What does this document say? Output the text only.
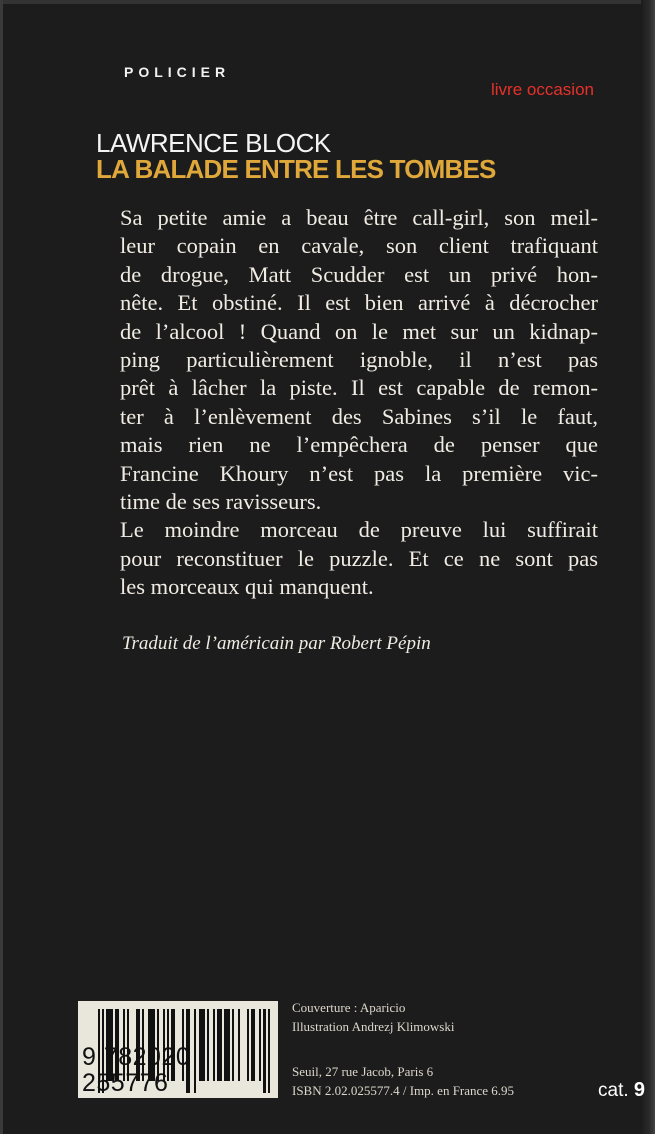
POLICIER
livre occasion
LAWRENCE BLOCK
LA BALADE ENTRE LES TOMBES
Sa petite amie a beau être call-girl, son meil-
leur copain en cavale, son client trafiquant
de drogue, Matt Scudder est un privé hon-
nête. Et obstiné. Il est bien arrivé à décrocher
de l’alcool ! Quand on le met sur un kidnap-
ping particulièrement ignoble, il n’est pas
prêt à lâcher la piste. Il est capable de remon-
ter à l’enlèvement des Sabines s’il le faut,
mais rien ne l’empêchera de penser que
Francine Khoury n’est pas la première vic-
time de ses ravisseurs.
Le moindre morceau de preuve lui suffirait
pour reconstituer le puzzle. Et ce ne sont pas
les morceaux qui manquent.
Traduit de l’américain par Robert Pépin
9 782020 255776
Couverture : Aparicio
Illustration Andrezj Klimowski
Seuil, 27 rue Jacob, Paris 6
ISBN 2.02.025577.4 / Imp. en France 6.95	cat. 9
